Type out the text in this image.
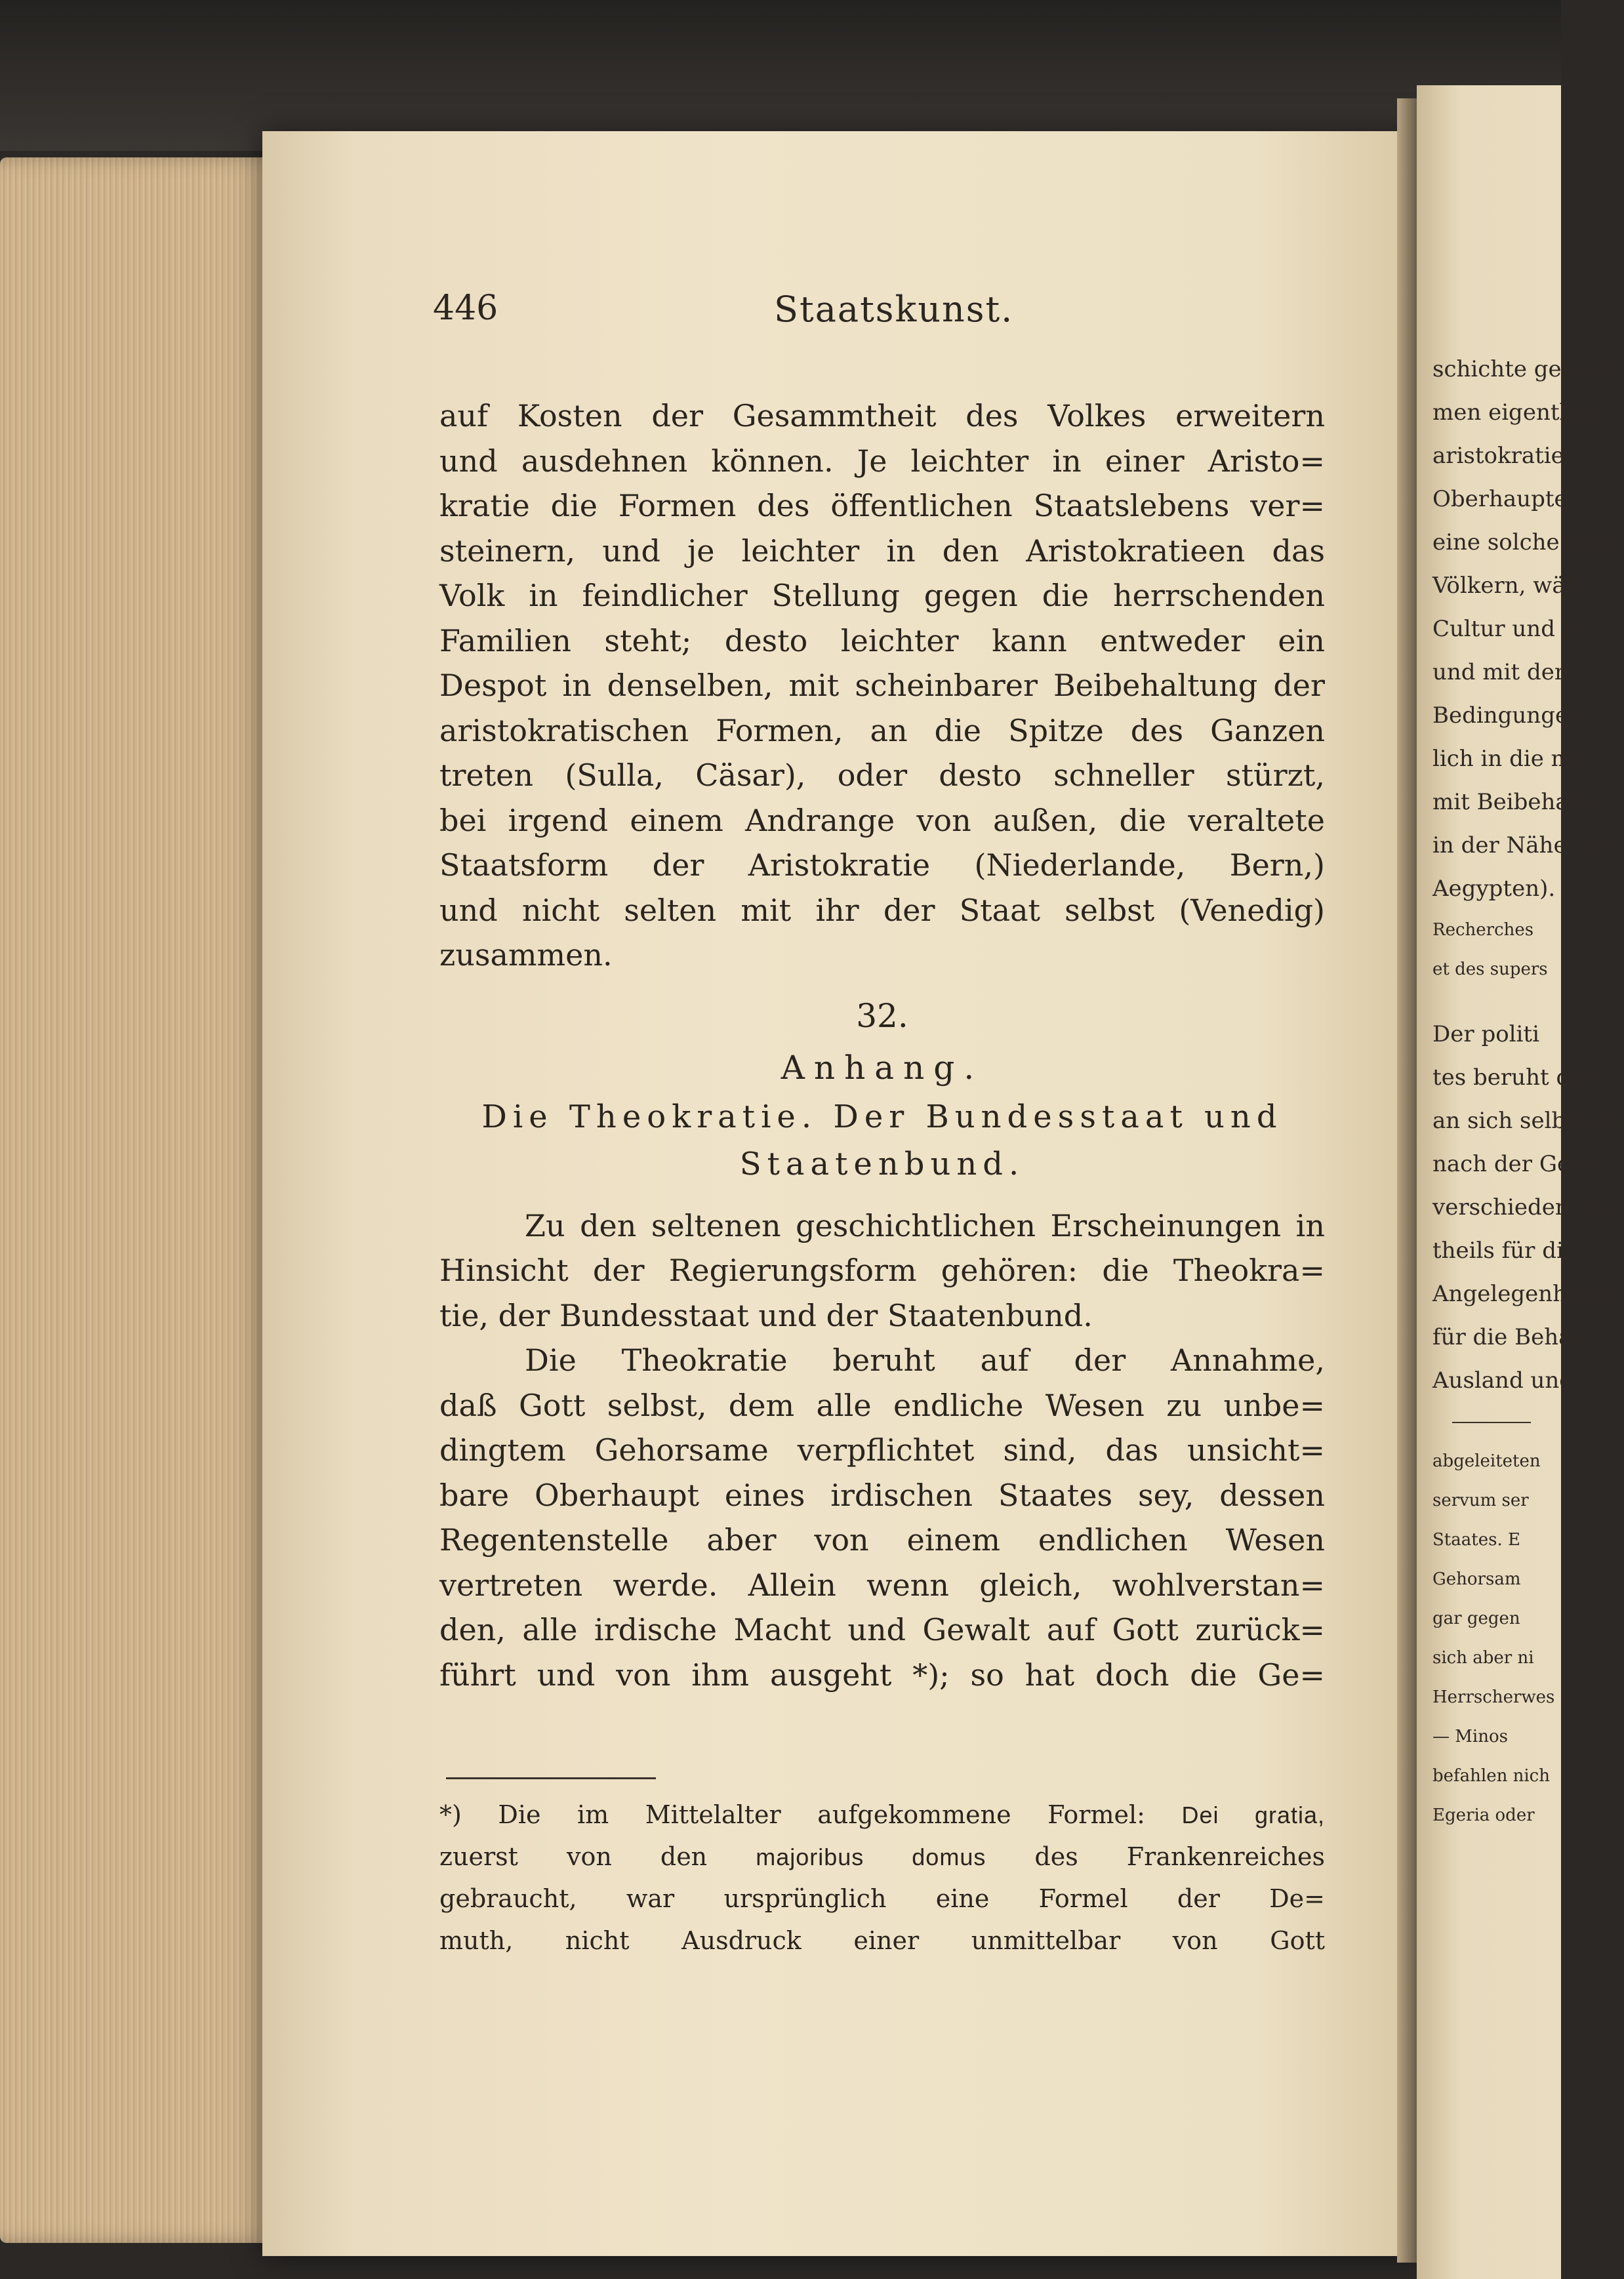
schichte gezeigt,
men eigentlich a
aristokratie
Oberhaupte
eine solche Regi
Völkern, währ
Cultur und pe
und mit dem
Bedingungen
lich in die mo
mit Beibehaltu
in der Nähe des
Aegypten).
Recherches
et des supers
Der politi
tes beruht dar
an sich selbststä
nach der Gesc
verschieden ein
theils für die
Angelegenheiten
für die Behau
Ausland und
abgeleiteten
servum ser
Staates. E
Gehorsam
gar gegen
sich aber ni
Herrscherwes
— Minos
befahlen nich
Egeria oder
446	Staatskunst.
auf Kosten der Gesammtheit des Volkes erweitern
und ausdehnen können. Je leichter in einer Aristo=
kratie die Formen des öffentlichen Staatslebens ver=
steinern, und je leichter in den Aristokratieen das
Volk in feindlicher Stellung gegen die herrschenden
Familien steht; desto leichter kann entweder ein
Despot in denselben, mit scheinbarer Beibehaltung der
aristokratischen Formen, an die Spitze des Ganzen
treten (Sulla, Cäsar), oder desto schneller stürzt,
bei irgend einem Andrange von außen, die veraltete
Staatsform der Aristokratie (Niederlande, Bern,)
und nicht selten mit ihr der Staat selbst (Venedig)
zusammen.
32.
Anhang.
Die Theokratie. Der Bundesstaat und
Staatenbund.
Zu den seltenen geschichtlichen Erscheinungen in
Hinsicht der Regierungsform gehören: die Theokra=
tie, der Bundesstaat und der Staatenbund.
Die Theokratie beruht auf der Annahme,
daß Gott selbst, dem alle endliche Wesen zu unbe=
dingtem Gehorsame verpflichtet sind, das unsicht=
bare Oberhaupt eines irdischen Staates sey, dessen
Regentenstelle aber von einem endlichen Wesen
vertreten werde. Allein wenn gleich, wohlverstan=
den, alle irdische Macht und Gewalt auf Gott zurück=
führt und von ihm ausgeht *); so hat doch die Ge=
*) Die im Mittelalter aufgekommene Formel: Dei gratia,
zuerst von den majoribus domus des Frankenreiches
gebraucht, war ursprünglich eine Formel der De=
muth, nicht Ausdruck einer unmittelbar von Gott
